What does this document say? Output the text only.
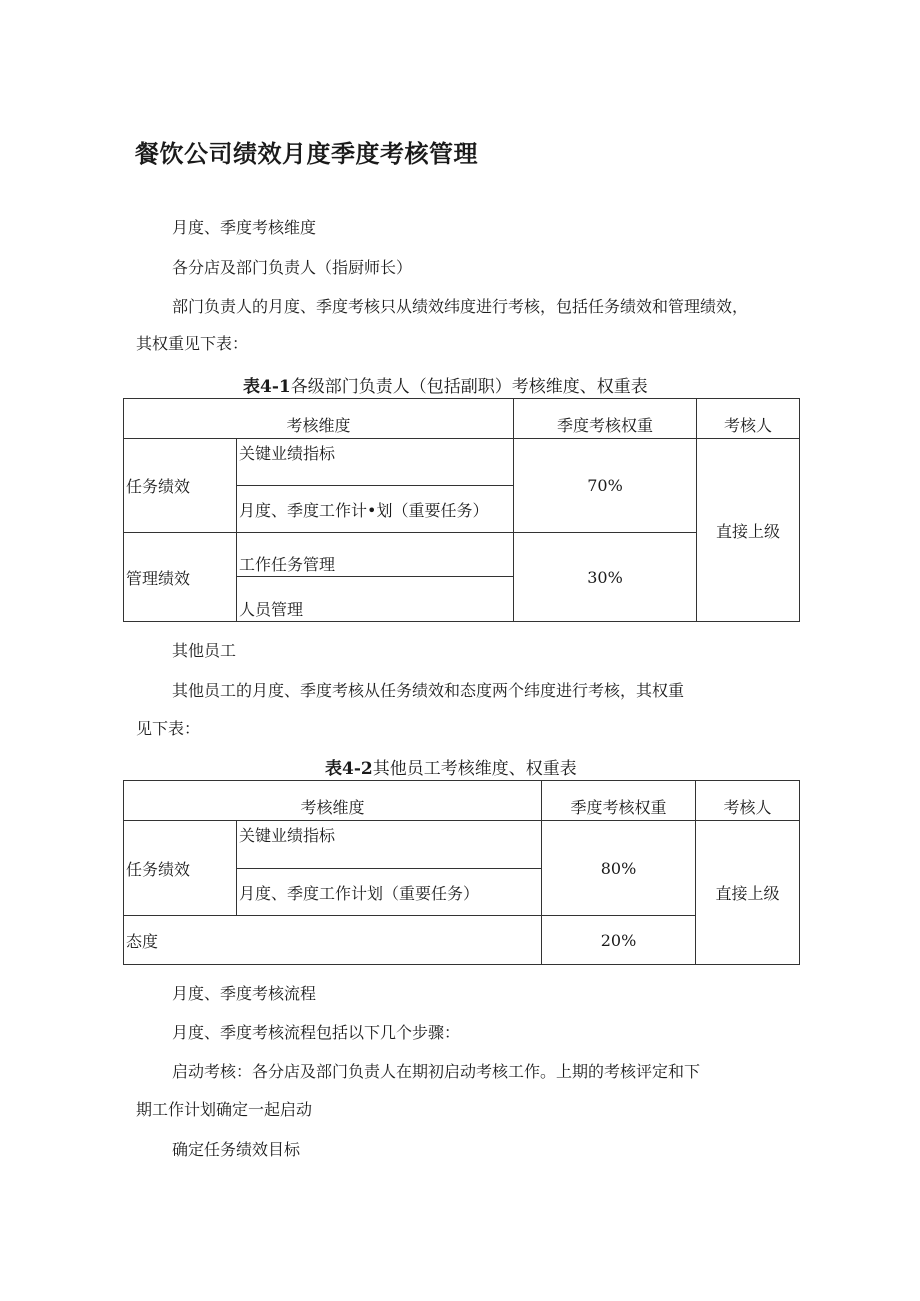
餐饮公司绩效月度季度考核管理

月度、季度考核维度

各分店及部门负责人（指厨师长）

部门负责人的月度、季度考核只从绩效纬度进行考核，包括任务绩效和管理绩效，

其权重见下表：

表4-1各级部门负责人（包括副职）考核维度、权重表

考核维度		季度考核权重	考核人
任务绩效	关键业绩指标	70%	直接上级
	月度、季度工作计•划（重要任务）		
管理绩效	工作任务管理	30%	
	人员管理		

其他员工

其他员工的月度、季度考核从任务绩效和态度两个纬度进行考核，其权重

见下表：

表4-2其他员工考核维度、权重表

考核维度		季度考核权重	考核人
任务绩效	关键业绩指标	80%	直接上级
	月度、季度工作计划（重要任务）		
态度		20%	

月度、季度考核流程

月度、季度考核流程包括以下几个步骤：

启动考核：各分店及部门负责人在期初启动考核工作。上期的考核评定和下

期工作计划确定一起启动

确定任务绩效目标
